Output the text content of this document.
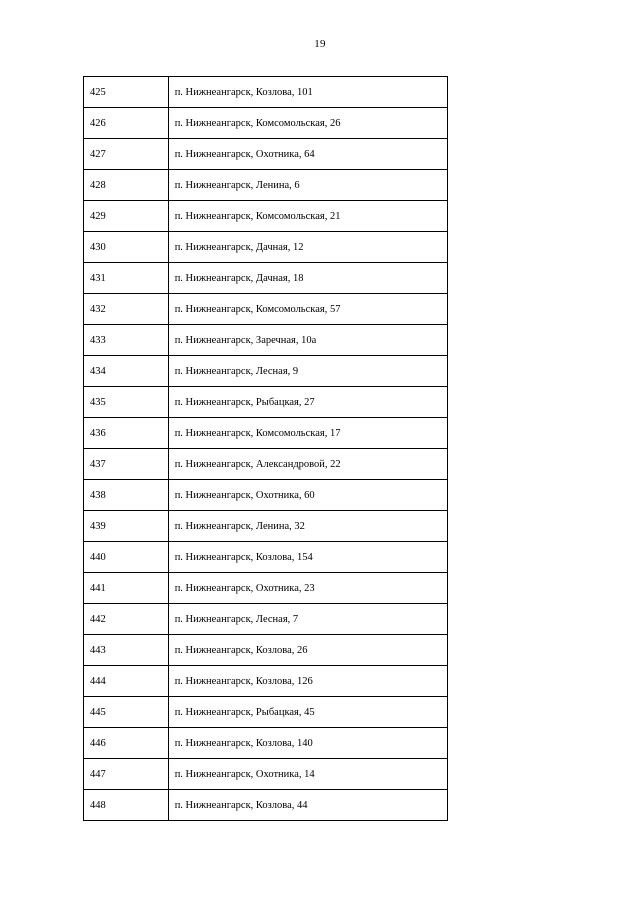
19
425	п. Нижнеангарск, Козлова, 101
426	п. Нижнеангарск, Комсомольская, 26
427	п. Нижнеангарск, Охотника, 64
428	п. Нижнеангарск, Ленина, 6
429	п. Нижнеангарск, Комсомольская, 21
430	п. Нижнеангарск, Дачная, 12
431	п. Нижнеангарск, Дачная, 18
432	п. Нижнеангарск, Комсомольская, 57
433	п. Нижнеангарск, Заречная, 10а
434	п. Нижнеангарск, Лесная, 9
435	п. Нижнеангарск, Рыбацкая, 27
436	п. Нижнеангарск, Комсомольская, 17
437	п. Нижнеангарск, Александровой, 22
438	п. Нижнеангарск, Охотника, 60
439	п. Нижнеангарск, Ленина, 32
440	п. Нижнеангарск, Козлова, 154
441	п. Нижнеангарск, Охотника, 23
442	п. Нижнеангарск, Лесная, 7
443	п. Нижнеангарск, Козлова, 26
444	п. Нижнеангарск, Козлова, 126
445	п. Нижнеангарск, Рыбацкая, 45
446	п. Нижнеангарск, Козлова, 140
447	п. Нижнеангарск, Охотника, 14
448	п. Нижнеангарск, Козлова, 44
